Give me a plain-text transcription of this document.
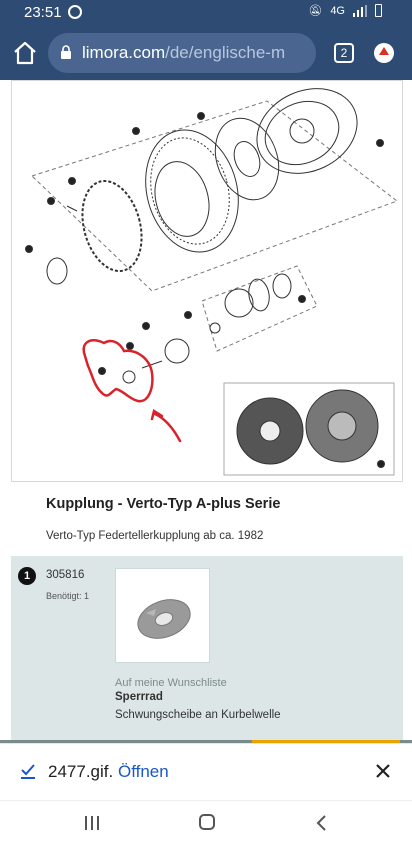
23:51	🔕︎ 4G
limora.com/de/englische-m	2
Kupplung - Verto-Typ A-plus Serie
Verto-Typ Federtellerkupplung ab ca. 1982
1	305816
Benötigt: 1
Auf meine Wunschliste
Sperrrad
Schwungscheibe an Kurbelwelle
2477.gif. Öffnen
